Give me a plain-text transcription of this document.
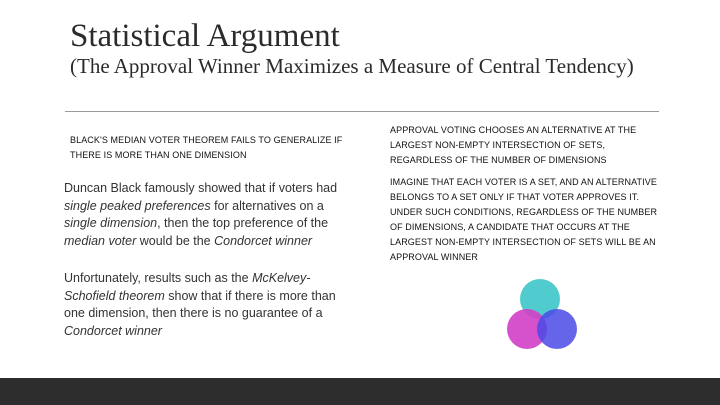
Statistical Argument
(The Approval Winner Maximizes a Measure of Central Tendency)
BLACK'S MEDIAN VOTER THEOREM FAILS TO GENERALIZE IF THERE IS MORE THAN ONE DIMENSION
Duncan Black famously showed that if voters had single peaked preferences for alternatives on a single dimension, then the top preference of the median voter would be the Condorcet winner
Unfortunately, results such as the McKelvey-Schofield theorem show that if there is more than one dimension, then there is no guarantee of a Condorcet winner
APPROVAL VOTING CHOOSES AN ALTERNATIVE AT THE LARGEST NON-EMPTY INTERSECTION OF SETS, REGARDLESS OF THE NUMBER OF DIMENSIONS
IMAGINE THAT EACH VOTER IS A SET, AND AN ALTERNATIVE BELONGS TO A SET ONLY IF THAT VOTER APPROVES IT. UNDER SUCH CONDITIONS, REGARDLESS OF THE NUMBER OF DIMENSIONS, A CANDIDATE THAT OCCURS AT THE LARGEST NON-EMPTY INTERSECTION OF SETS WILL BE AN APPROVAL WINNER
